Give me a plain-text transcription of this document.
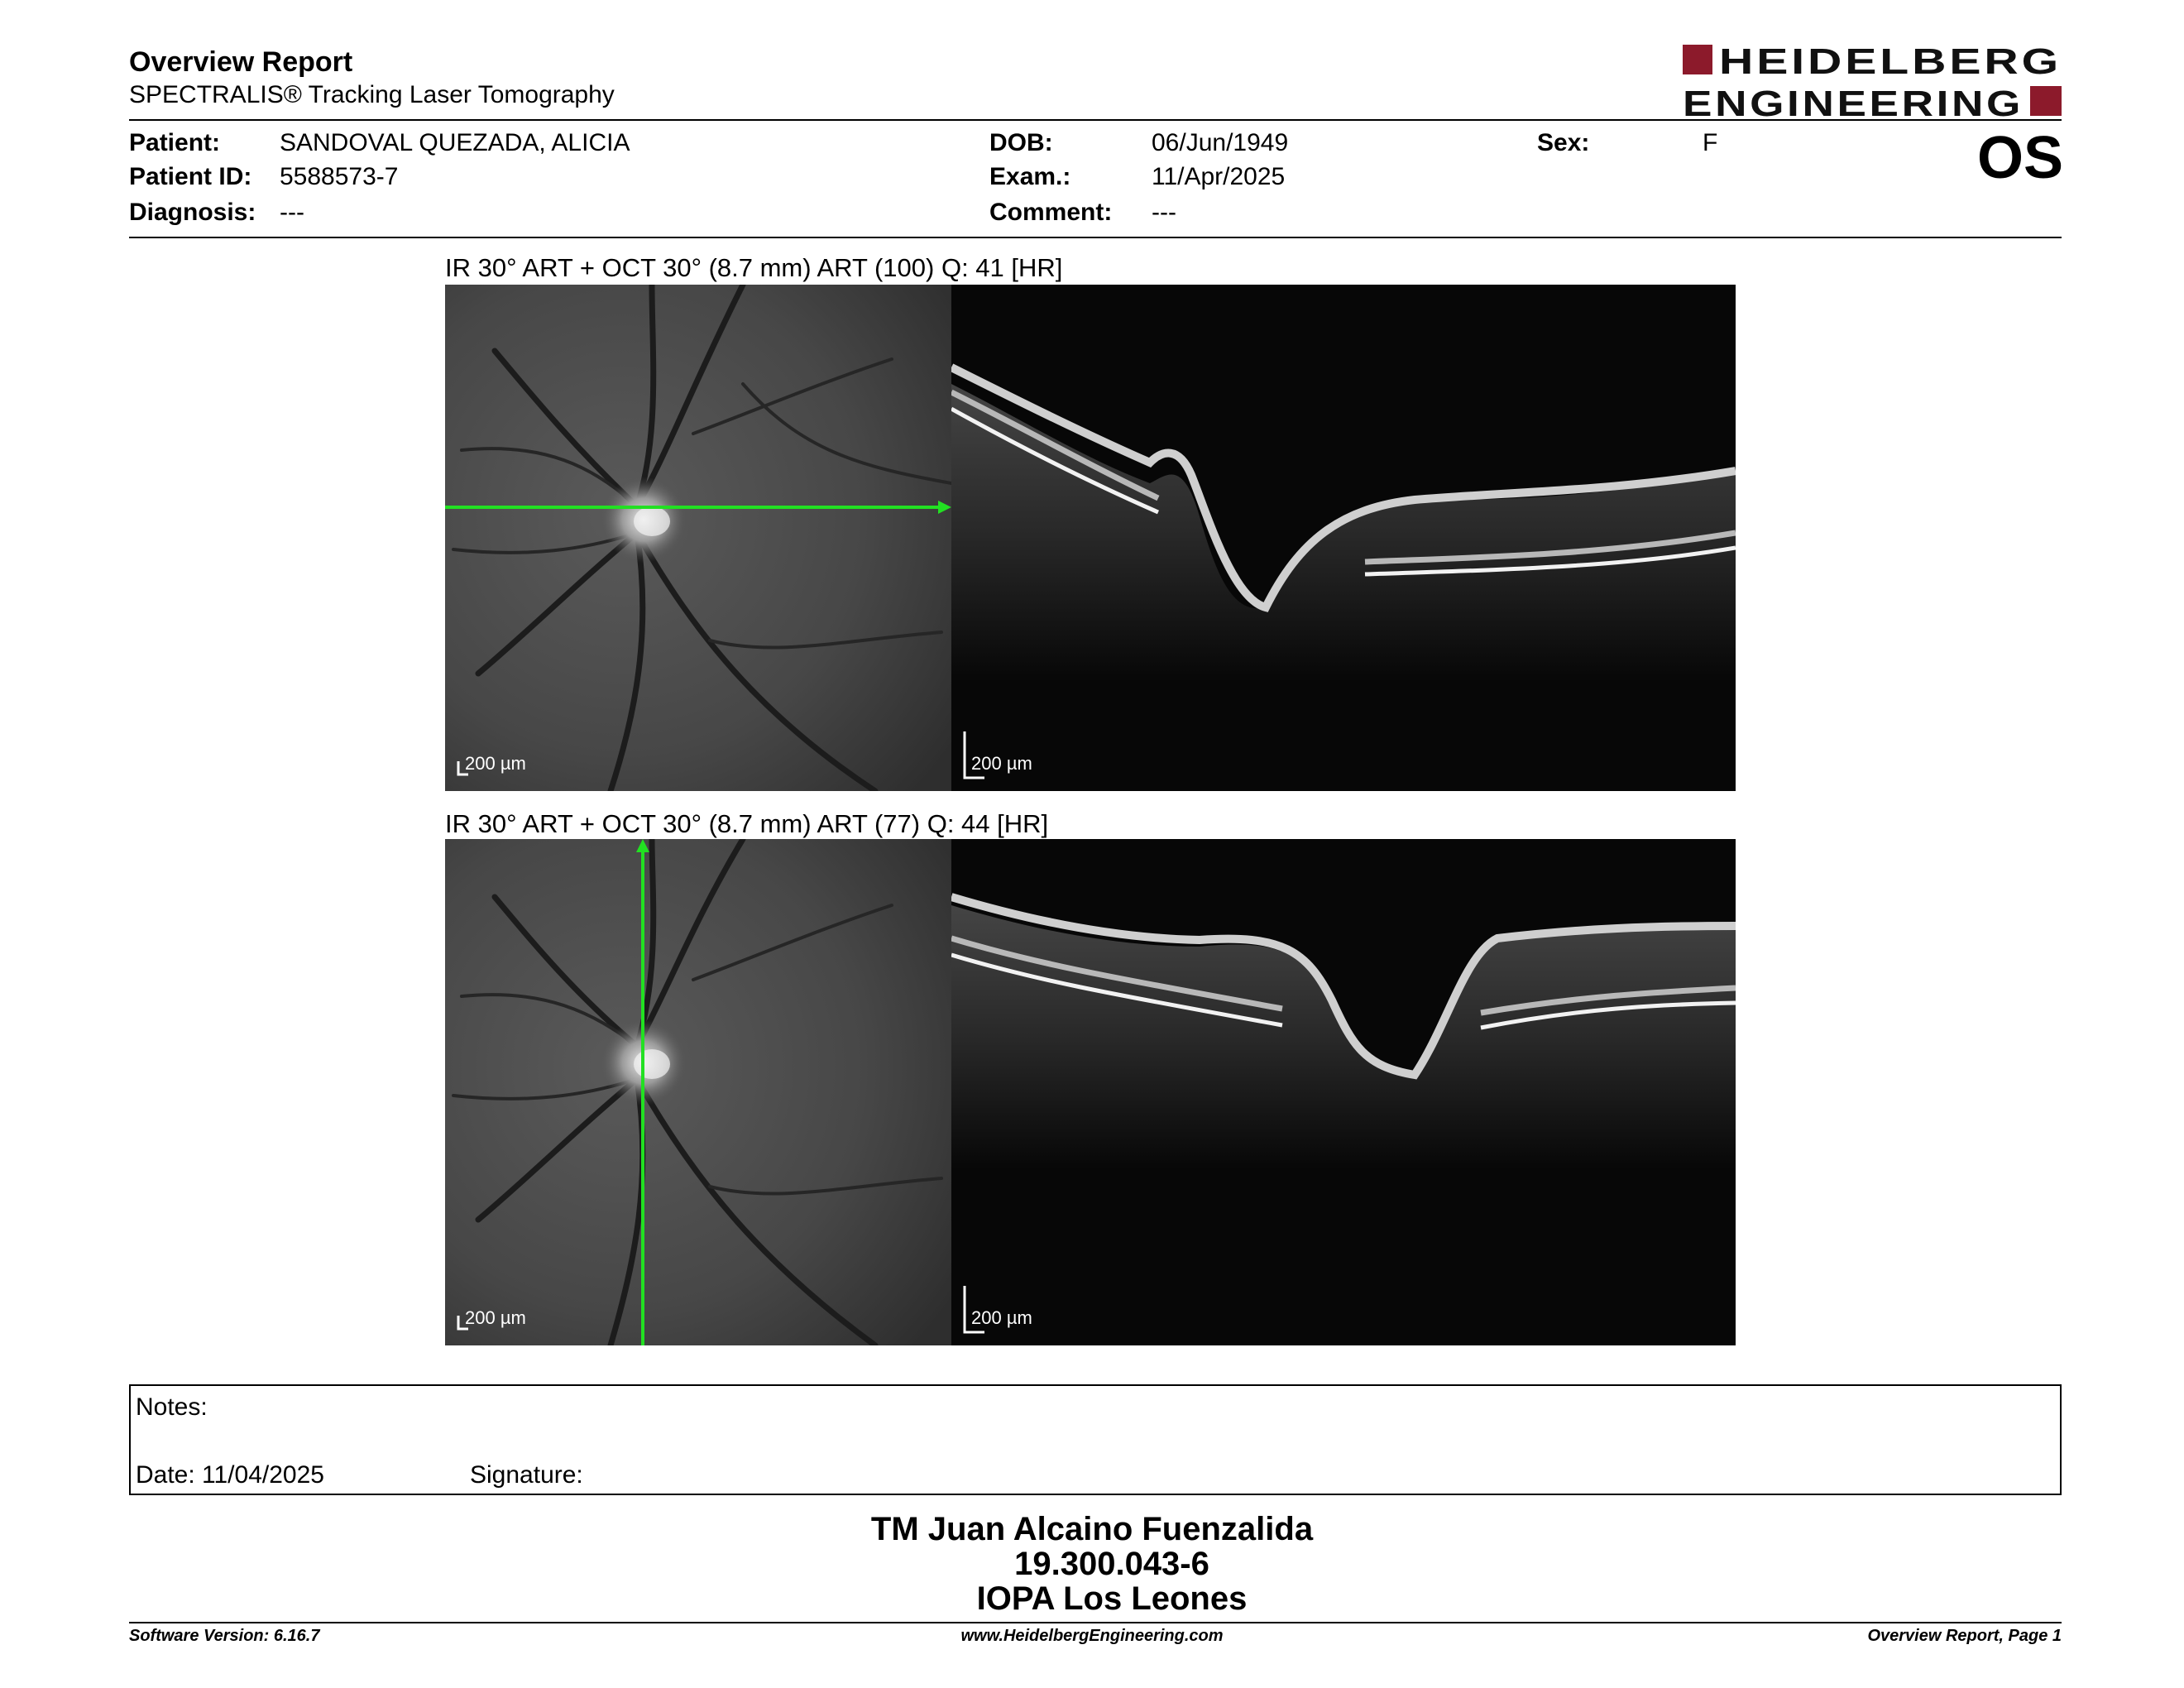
Overview Report
SPECTRALIS® Tracking Laser Tomography
HEIDELBERG
ENGINEERING
Patient: SANDOVAL QUEZADA, ALICIA
Patient ID: 5588573-7
Diagnosis: ---
DOB:	06/Jun/1949
Exam.:	11/Apr/2025
Comment: ---
Sex:	F	OS
IR 30° ART + OCT 30° (8.7 mm) ART (100) Q: 41 [HR]
200 µm	200 µm
IR 30° ART + OCT 30° (8.7 mm) ART (77) Q: 44 [HR]
200 µm	200 µm
Notes:
Date: 11/04/2025	Signature:
TM Juan Alcaino Fuenzalida
19.300.043-6
IOPA Los Leones
Software Version: 6.16.7	www.HeidelbergEngineering.com	Overview Report, Page 1
